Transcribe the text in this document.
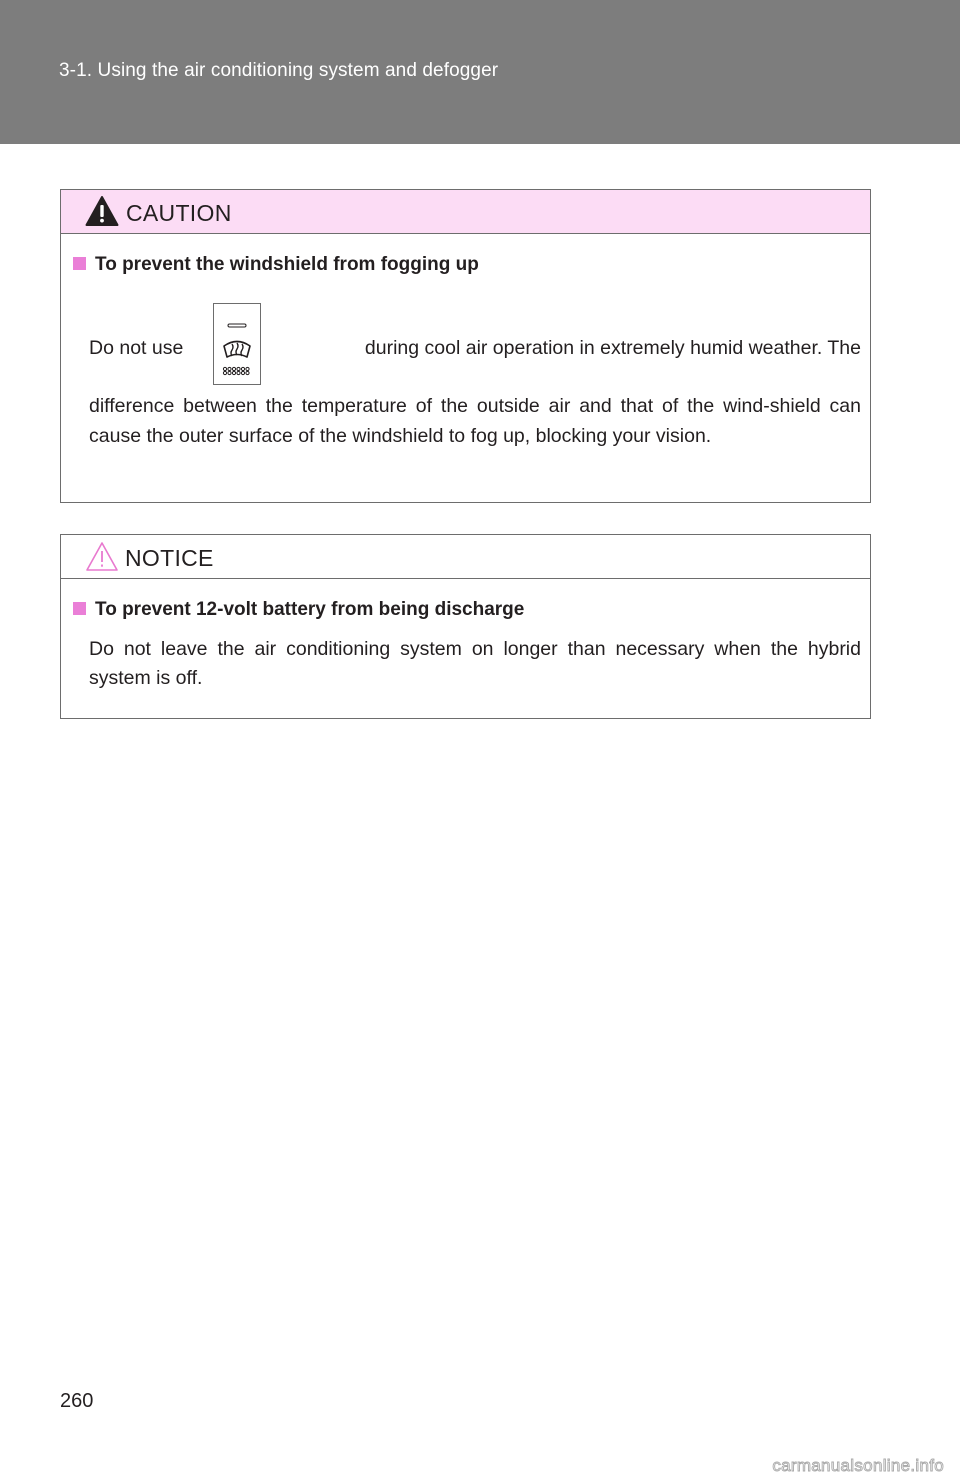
3-1. Using the air conditioning system and defogger
CAUTION
To prevent the windshield from fogging up
Do not use	during cool air operation in extremely humid weather. The
difference between the temperature of the outside air and that of the wind-shield can cause the outer surface of the windshield to fog up, blocking your vision.
NOTICE
To prevent 12-volt battery from being discharge
Do not leave the air conditioning system on longer than necessary when the hybrid system is off.
260
carmanualsonline.info
